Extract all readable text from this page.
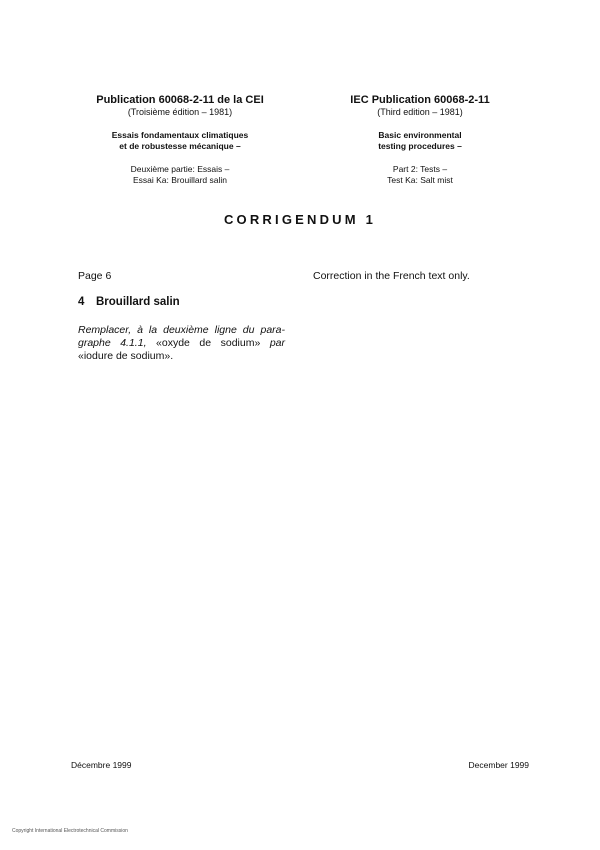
Publication 60068-2-11 de la CEI

(Troisième édition – 1981)

Essais fondamentaux climatiques
et de robustesse mécanique –

Deuxième partie: Essais –
Essai Ka: Brouillard salin

IEC Publication 60068-2-11

(Third edition – 1981)

Basic environmental
testing procedures –

Part 2: Tests –
Test Ka: Salt mist

CORRIGENDUM 1
Page 6	Correction in the French text only.
4 Brouillard salin

Remplacer, à la deuxième ligne du para-graphe 4.1.1, «oxyde de sodium» par «iodure de sodium».

Décembre 1999	December 1999
Copyright International Electrotechnical Commission
